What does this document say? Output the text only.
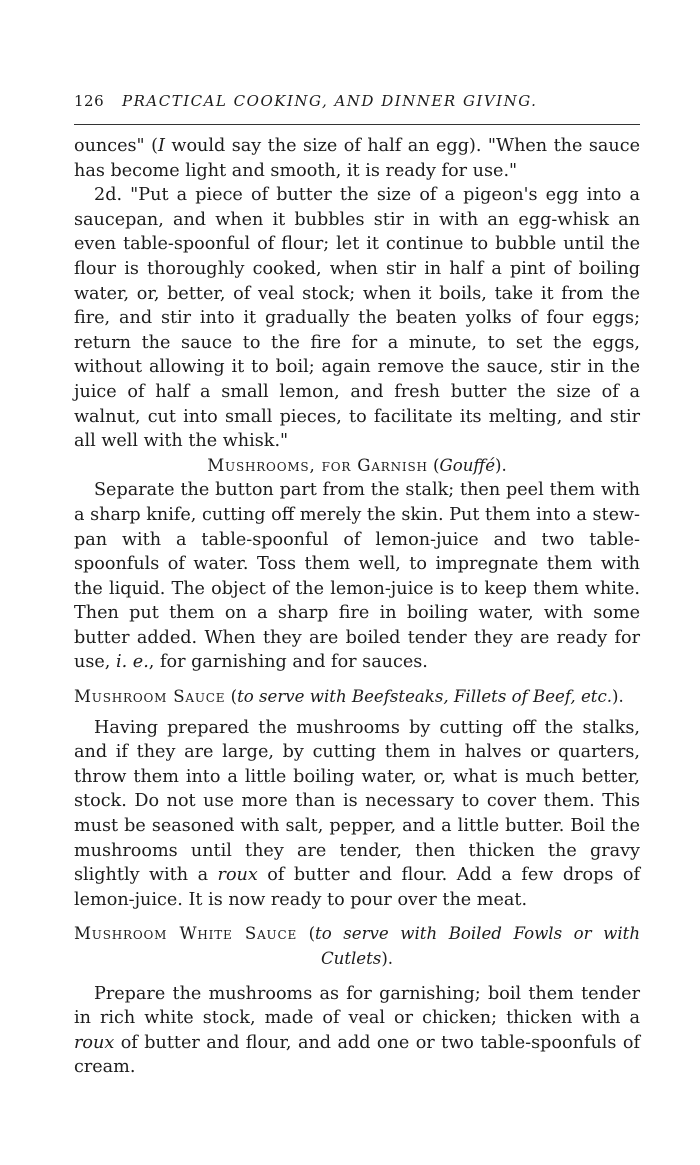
126 PRACTICAL COOKING, AND DINNER GIVING.

ounces" (I would say the size of half an egg). "When the sauce has become light and smooth, it is ready for use."

2d. "Put a piece of butter the size of a pigeon's egg into a saucepan, and when it bubbles stir in with an egg-whisk an even table-spoonful of flour; let it continue to bubble until the flour is thoroughly cooked, when stir in half a pint of boiling water, or, better, of veal stock; when it boils, take it from the fire, and stir into it gradually the beaten yolks of four eggs; return the sauce to the fire for a minute, to set the eggs, without allowing it to boil; again remove the sauce, stir in the juice of half a small lemon, and fresh butter the size of a walnut, cut into small pieces, to facilitate its melting, and stir all well with the whisk."

Mushrooms, for Garnish (Gouffé).

Separate the button part from the stalk; then peel them with a sharp knife, cutting off merely the skin. Put them into a stew-pan with a table-spoonful of lemon-juice and two table-spoonfuls of water. Toss them well, to impregnate them with the liquid. The object of the lemon-juice is to keep them white. Then put them on a sharp fire in boiling water, with some butter added. When they are boiled tender they are ready for use, i. e., for garnishing and for sauces.

Mushroom Sauce (to serve with Beefsteaks, Fillets of Beef, etc.).

Having prepared the mushrooms by cutting off the stalks, and if they are large, by cutting them in halves or quarters, throw them into a little boiling water, or, what is much better, stock. Do not use more than is necessary to cover them. This must be seasoned with salt, pepper, and a little butter. Boil the mushrooms until they are tender, then thicken the gravy slightly with a roux of butter and flour. Add a few drops of lemon-juice. It is now ready to pour over the meat.

Mushroom White Sauce (to serve with Boiled Fowls or with Cutlets).

Prepare the mushrooms as for garnishing; boil them tender in rich white stock, made of veal or chicken; thicken with a roux of butter and flour, and add one or two table-spoonfuls of cream.
